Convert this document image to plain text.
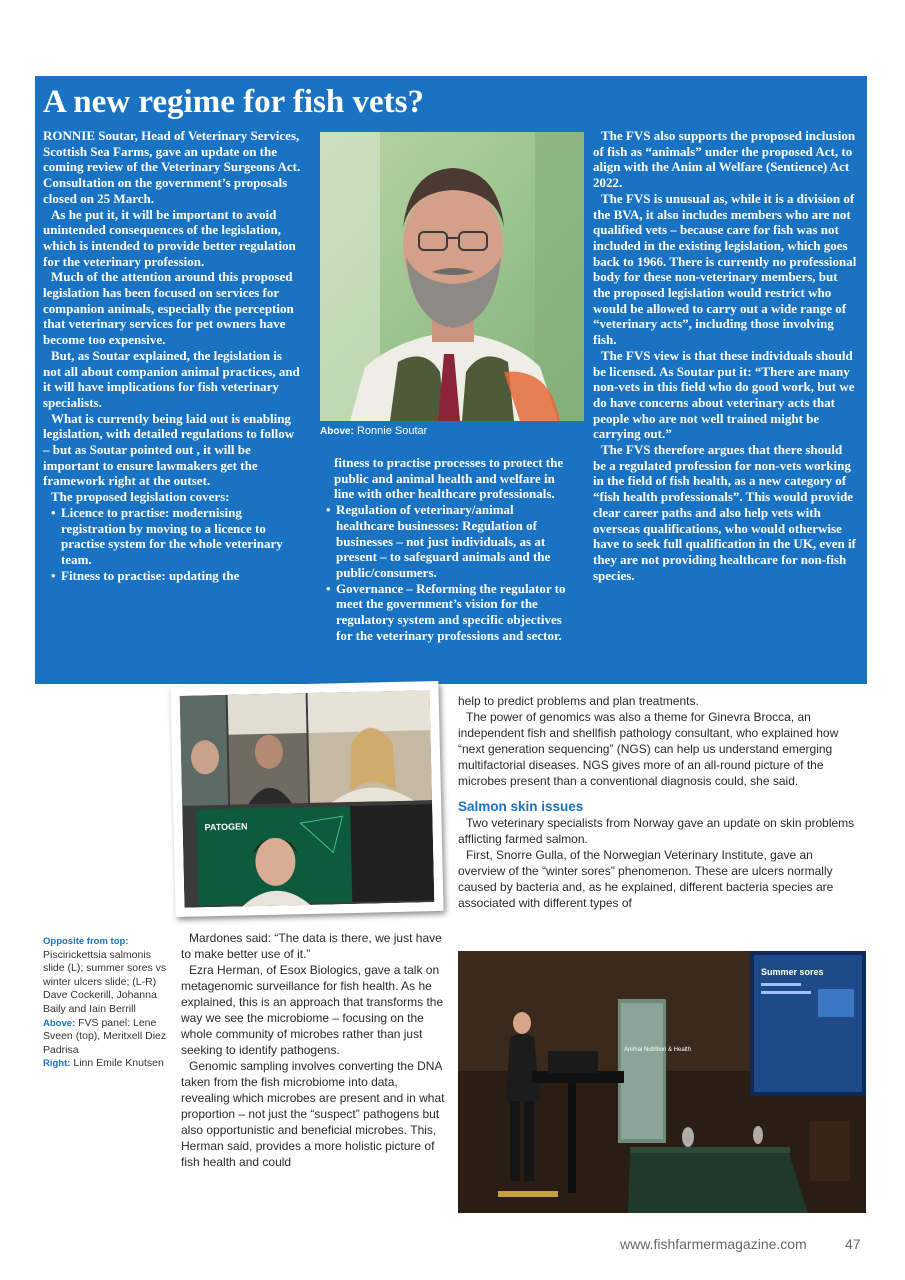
A new regime for fish vets?

RONNIE Soutar, Head of Veterinary Services, Scottish Sea Farms, gave an update on the coming review of the Veterinary Surgeons Act. Consultation on the government’s proposals closed on 25 March.

As he put it, it will be important to avoid unintended consequences of the legislation, which is intended to provide better regulation for the veterinary profession.

Much of the attention around this proposed legislation has been focused on services for companion animals, especially the perception that veterinary services for pet owners have become too expensive.

But, as Soutar explained, the legislation is not all about companion animal practices, and it will have implications for fish veterinary specialists.

What is currently being laid out is enabling legislation, with detailed regulations to follow – but as Soutar pointed out , it will be important to ensure lawmakers get the framework right at the outset.

The proposed legislation covers:

• Licence to practise: modernising registration by moving to a licence to practise system for the whole veterinary team.
• Fitness to practise: updating the
Above: Ronnie Soutar

fitness to practise processes to protect the public and animal health and welfare in line with other healthcare professionals.

• Regulation of veterinary/animal healthcare businesses: Regulation of businesses – not just individuals, as at present – to safeguard animals and the public/consumers.
• Governance – Reforming the regulator to meet the government’s vision for the regulatory system and specific objectives for the veterinary professions and sector.

The FVS also supports the proposed inclusion of fish as “animals” under the proposed Act, to align with the Anim al Welfare (Sentience) Act 2022.

The FVS is unusual as, while it is a division of the BVA, it also includes members who are not qualified vets – because care for fish was not included in the existing legislation, which goes back to 1966. There is currently no professional body for these non-veterinary members, but the proposed legislation would restrict who would be allowed to carry out a wide range of “veterinary acts”, including those involving fish.

The FVS view is that these individuals should be licensed. As Soutar put it: “There are many non-vets in this field who do good work, but we do have concerns about veterinary acts that people who are not well trained might be carrying out.”

The FVS therefore argues that there should be a regulated profession for non-vets working in the field of fish health, as a new category of “fish health professionals”. This would provide clear career paths and also help vets with overseas qualifications, who would otherwise have to seek full qualification in the UK, even if they are not providing healthcare for non-fish species.

PATOGEN

help to predict problems and plan treatments.

The power of genomics was also a theme for Ginevra Brocca, an independent fish and shellfish pathology consultant, who explained how “next generation sequencing” (NGS) can help us understand emerging multifactorial diseases. NGS gives more of an all-round picture of the microbes present than a conventional diagnosis could, she said.

Salmon skin issues

Two veterinary specialists from Norway gave an update on skin problems afflicting farmed salmon.

First, Snorre Gulla, of the Norwegian Veterinary Institute, gave an overview of the “winter sores” phenomenon. These are ulcers normally caused by bacteria and, as he explained, different bacteria species are associated with different types of

Opposite from top:

Piscirickettsia salmonis slide (L); summer sores vs winter ulcers slide; (L-R) Dave Cockerill, Johanna Baily and Iain Berrill

Above: FVS panel: Lene Sveen (top), Meritxell Diez Padrisa

Right: Linn Emile Knutsen

Mardones said: “The data is there, we just have to make better use of it.”

Ezra Herman, of Esox Biologics, gave a talk on metagenomic surveillance for fish health. As he explained, this is an approach that transforms the way we see the microbiome – focusing on the whole community of microbes rather than just seeking to identify pathogens.

Genomic sampling involves converting the DNA taken from the fish microbiome into data, revealing which microbes are present and in what proportion – not just the “suspect” pathogens but also opportunistic and beneficial microbes. This, Herman said, provides a more holistic picture of fish health and could

Summer sores
Animal Nutrition & Health
www.fishfarmermagazine.com	47
